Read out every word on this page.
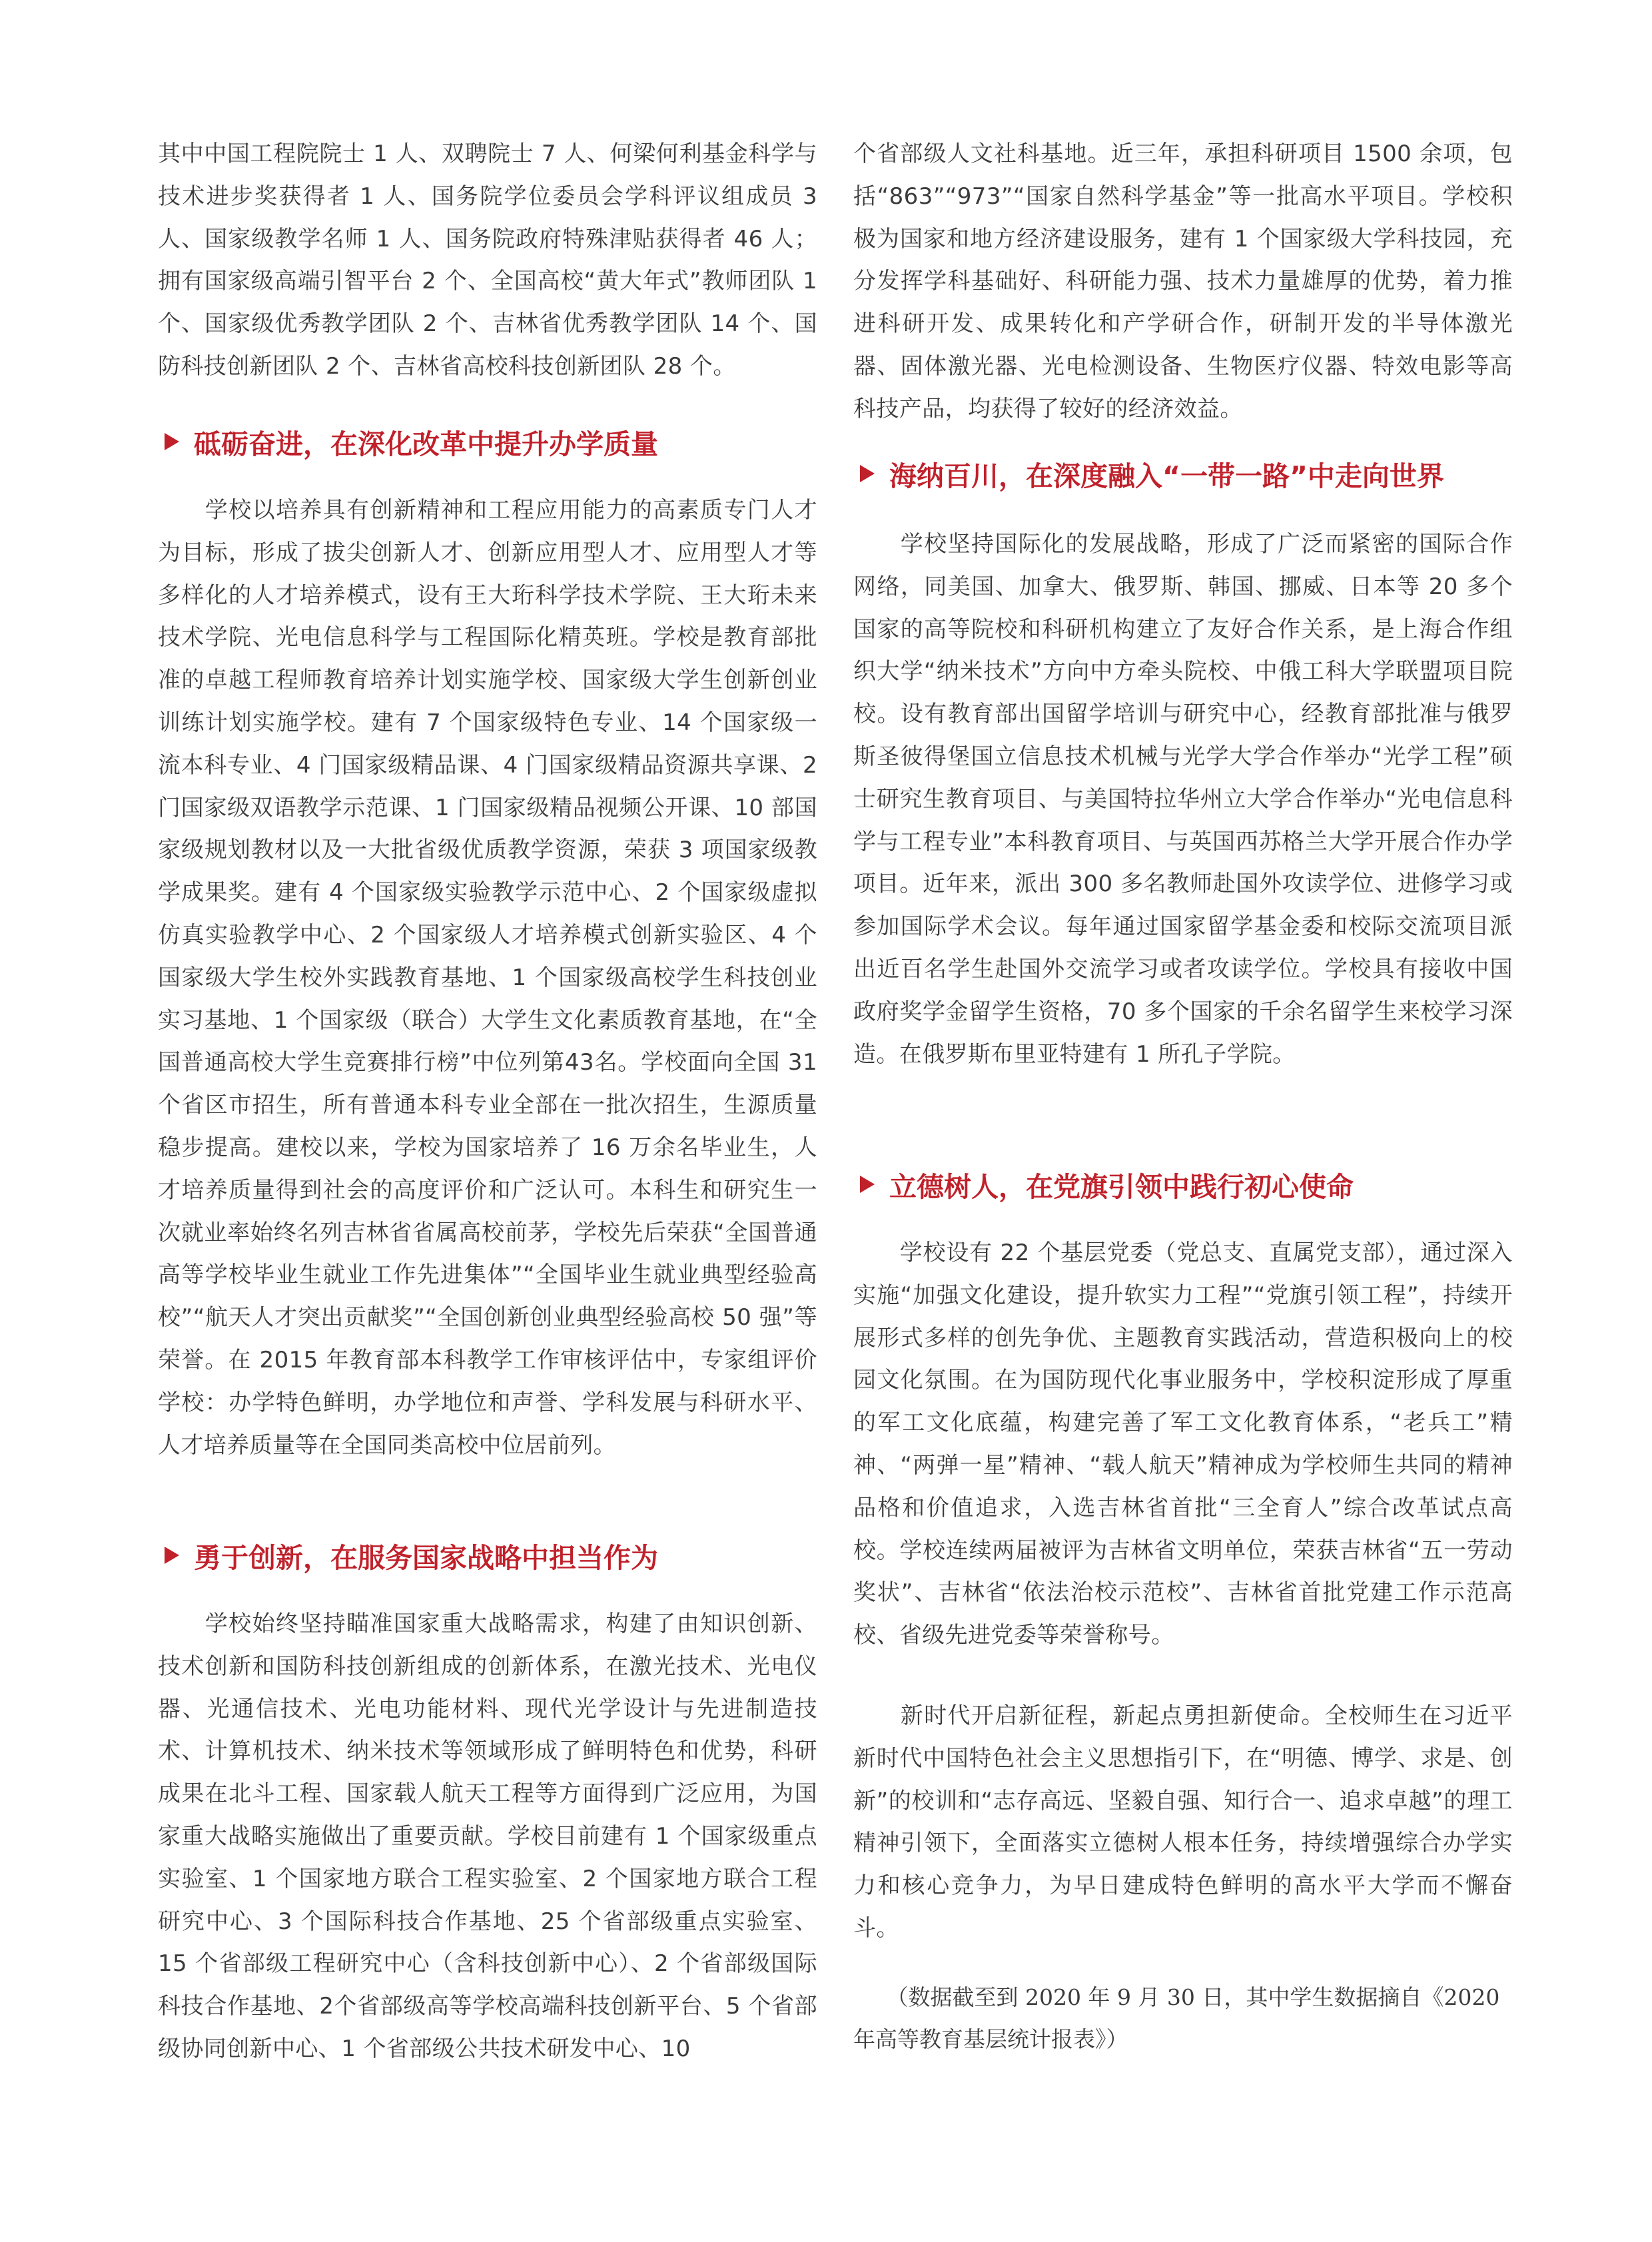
其中中国工程院院士 1 人、双聘院士 7 人、何梁何利基金科学与技术进步奖获得者 1 人、国务院学位委员会学科评议组成员 3 人、国家级教学名师 1 人、国务院政府特殊津贴获得者 46 人；拥有国家级高端引智平台 2 个、全国高校“黄大年式”教师团队 1 个、国家级优秀教学团队 2 个、吉林省优秀教学团队 14 个、国防科技创新团队 2 个、吉林省高校科技创新团队 28 个。

砥砺奋进，在深化改革中提升办学质量

　　学校以培养具有创新精神和工程应用能力的高素质专门人才为目标，形成了拔尖创新人才、创新应用型人才、应用型人才等多样化的人才培养模式，设有王大珩科学技术学院、王大珩未来技术学院、光电信息科学与工程国际化精英班。学校是教育部批准的卓越工程师教育培养计划实施学校、国家级大学生创新创业训练计划实施学校。建有 7 个国家级特色专业、14 个国家级一流本科专业、4 门国家级精品课、4 门国家级精品资源共享课、2 门国家级双语教学示范课、1 门国家级精品视频公开课、10 部国家级规划教材以及一大批省级优质教学资源，荣获 3 项国家级教学成果奖。建有 4 个国家级实验教学示范中心、2 个国家级虚拟仿真实验教学中心、2 个国家级人才培养模式创新实验区、4 个国家级大学生校外实践教育基地、1 个国家级高校学生科技创业实习基地、1 个国家级（联合）大学生文化素质教育基地，在“全国普通高校大学生竞赛排行榜”中位列第43名。学校面向全国 31 个省区市招生，所有普通本科专业全部在一批次招生，生源质量稳步提高。建校以来，学校为国家培养了 16 万余名毕业生，人才培养质量得到社会的高度评价和广泛认可。本科生和研究生一次就业率始终名列吉林省省属高校前茅，学校先后荣获“全国普通高等学校毕业生就业工作先进集体”“全国毕业生就业典型经验高校”“航天人才突出贡献奖”“全国创新创业典型经验高校 50 强”等荣誉。在 2015 年教育部本科教学工作审核评估中，专家组评价学校：办学特色鲜明，办学地位和声誉、学科发展与科研水平、人才培养质量等在全国同类高校中位居前列。

勇于创新，在服务国家战略中担当作为

　　学校始终坚持瞄准国家重大战略需求，构建了由知识创新、技术创新和国防科技创新组成的创新体系，在激光技术、光电仪器、光通信技术、光电功能材料、现代光学设计与先进制造技术、计算机技术、纳米技术等领域形成了鲜明特色和优势，科研成果在北斗工程、国家载人航天工程等方面得到广泛应用，为国家重大战略实施做出了重要贡献。学校目前建有 1 个国家级重点实验室、1 个国家地方联合工程实验室、2 个国家地方联合工程研究中心、3 个国际科技合作基地、25 个省部级重点实验室、15 个省部级工程研究中心（含科技创新中心）、2 个省部级国际科技合作基地、2个省部级高等学校高端科技创新平台、5 个省部级协同创新中心、1 个省部级公共技术研发中心、10

个省部级人文社科基地。近三年，承担科研项目 1500 余项，包括“863”“973”“国家自然科学基金”等一批高水平项目。学校积极为国家和地方经济建设服务，建有 1 个国家级大学科技园，充分发挥学科基础好、科研能力强、技术力量雄厚的优势，着力推进科研开发、成果转化和产学研合作，研制开发的半导体激光器、固体激光器、光电检测设备、生物医疗仪器、特效电影等高科技产品，均获得了较好的经济效益。

海纳百川，在深度融入“一带一路”中走向世界

　　学校坚持国际化的发展战略，形成了广泛而紧密的国际合作网络，同美国、加拿大、俄罗斯、韩国、挪威、日本等 20 多个国家的高等院校和科研机构建立了友好合作关系，是上海合作组织大学“纳米技术”方向中方牵头院校、中俄工科大学联盟项目院校。设有教育部出国留学培训与研究中心，经教育部批准与俄罗斯圣彼得堡国立信息技术机械与光学大学合作举办“光学工程”硕士研究生教育项目、与美国特拉华州立大学合作举办“光电信息科学与工程专业”本科教育项目、与英国西苏格兰大学开展合作办学项目。近年来，派出 300 多名教师赴国外攻读学位、进修学习或参加国际学术会议。每年通过国家留学基金委和校际交流项目派出近百名学生赴国外交流学习或者攻读学位。学校具有接收中国政府奖学金留学生资格，70 多个国家的千余名留学生来校学习深造。在俄罗斯布里亚特建有 1 所孔子学院。

立德树人，在党旗引领中践行初心使命

　　学校设有 22 个基层党委（党总支、直属党支部），通过深入实施“加强文化建设，提升软实力工程”“党旗引领工程”，持续开展形式多样的创先争优、主题教育实践活动，营造积极向上的校园文化氛围。在为国防现代化事业服务中，学校积淀形成了厚重的军工文化底蕴，构建完善了军工文化教育体系，“老兵工”精神、“两弹一星”精神、“载人航天”精神成为学校师生共同的精神品格和价值追求，入选吉林省首批“三全育人”综合改革试点高校。学校连续两届被评为吉林省文明单位，荣获吉林省“五一劳动奖状”、吉林省“依法治校示范校”、吉林省首批党建工作示范高校、省级先进党委等荣誉称号。

　　新时代开启新征程，新起点勇担新使命。全校师生在习近平新时代中国特色社会主义思想指引下，在“明德、博学、求是、创新”的校训和“志存高远、坚毅自强、知行合一、追求卓越”的理工精神引领下，全面落实立德树人根本任务，持续增强综合办学实力和核心竞争力，为早日建成特色鲜明的高水平大学而不懈奋斗。

　　（数据截至到 2020 年 9 月 30 日，其中学生数据摘自《2020 年高等教育基层统计报表》）
